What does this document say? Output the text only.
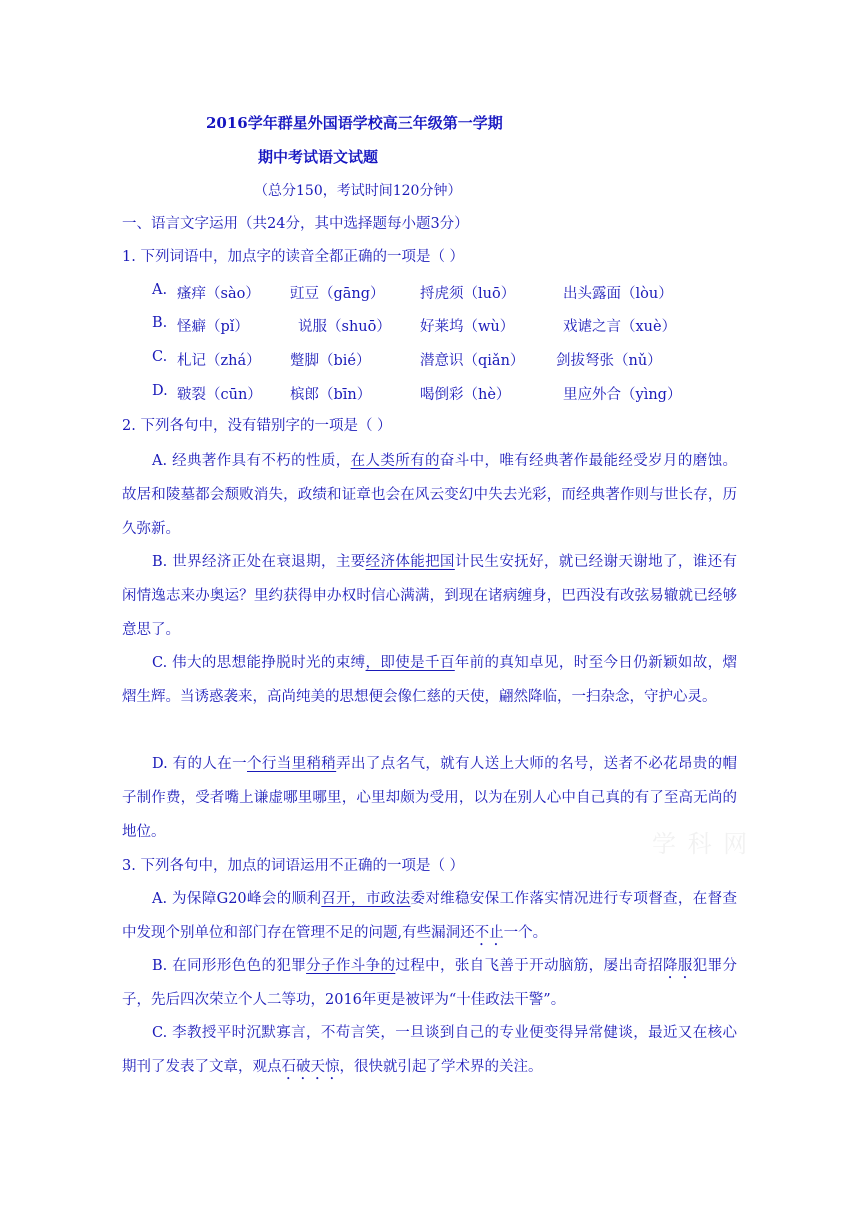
2016学年群星外国语学校高三年级第一学期
期中考试语文试题
（总分150，考试时间120分钟）
一、语言文字运用（共24分，其中选择题每小题3分）
1. 下列词语中，加点字的读音全都正确的一项是（ ）
A. 瘙痒（sào） 豇豆（gāng） 捋虎须（luō）	出头露面（lòu）
B. 怪癖（pǐ）	说服（shuō） 好莱坞（wù）	戏谑之言（xuè）
C. 札记（zhá） 蹩脚（bié）	潜意识（qiǎn） 剑拔弩张（nǔ）
D. 皲裂（cūn） 槟郎（bīn）	喝倒彩（hè）	里应外合（yìng）
2. 下列各句中，没有错别字的一项是（ ）
A. 经典著作具有不朽的性质，在人类所有的奋斗中，唯有经典著作最能经受岁月的磨蚀。故居和陵墓都会颓败消失，政绩和证章也会在风云变幻中失去光彩，而经典著作则与世长存，历久弥新。
B. 世界经济正处在衰退期，主要经济体能把国计民生安抚好，就已经谢天谢地了，谁还有闲情逸志来办奥运？里约获得申办权时信心满满，到现在诸病缠身，巴西没有改弦易辙就已经够意思了。
C. 伟大的思想能挣脱时光的束缚，即使是千百年前的真知卓见，时至今日仍新颖如故，熠熠生辉。当诱惑袭来，高尚纯美的思想便会像仁慈的天使，翩然降临，一扫杂念，守护心灵。
D. 有的人在一个行当里稍稍弄出了点名气，就有人送上大师的名号，送者不必花昂贵的帽子制作费，受者嘴上谦虚哪里哪里，心里却颇为受用，以为在别人心中自己真的有了至高无尚的地位。	学 科 网
3. 下列各句中，加点的词语运用不正确的一项是（ ）
A. 为保障G20峰会的顺利召开，市政法委对维稳安保工作落实情况进行专项督查，在督查中发现个别单位和部门存在管理不足的问题,有些漏洞还不止一个。
B. 在同形形色色的犯罪分子作斗争的过程中，张自飞善于开动脑筋，屡出奇招降服犯罪分子，先后四次荣立个人二等功，2016年更是被评为“十佳政法干警”。
C. 李教授平时沉默寡言，不苟言笑，一旦谈到自己的专业便变得异常健谈，最近又在核心期刊了发表了文章，观点石破天惊，很快就引起了学术界的关注。
